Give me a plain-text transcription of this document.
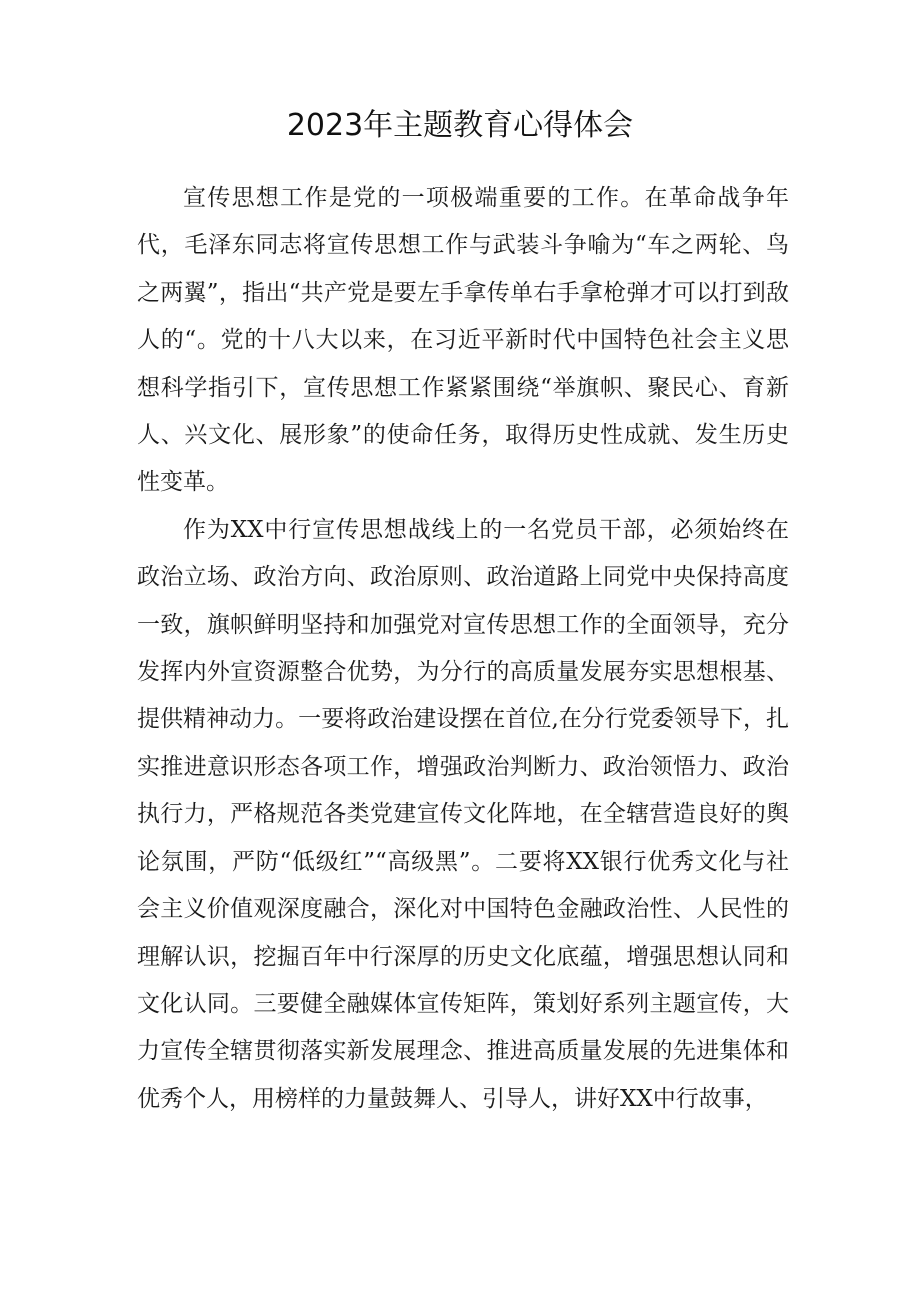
2023年主题教育心得体会

宣传思想工作是党的一项极端重要的工作。在革命战争年代，毛泽东同志将宣传思想工作与武装斗争喻为“车之两轮、鸟之两翼”，指出“共产党是要左手拿传单右手拿枪弹才可以打到敌人的“。党的十八大以来，在习近平新时代中国特色社会主义思想科学指引下，宣传思想工作紧紧围绕“举旗帜、聚民心、育新人、兴文化、展形象”的使命任务，取得历史性成就、发生历史性变革。

作为XX中行宣传思想战线上的一名党员干部，必须始终在政治立场、政治方向、政治原则、政治道路上同党中央保持高度一致，旗帜鲜明坚持和加强党对宣传思想工作的全面领导，充分发挥内外宣资源整合优势，为分行的高质量发展夯实思想根基、提供精神动力。一要将政治建设摆在首位,在分行党委领导下，扎实推进意识形态各项工作，增强政治判断力、政治领悟力、政治执行力，严格规范各类党建宣传文化阵地，在全辖营造良好的舆论氛围，严防“低级红”“高级黑”。二要将XX银行优秀文化与社会主义价值观深度融合，深化对中国特色金融政治性、人民性的理解认识，挖掘百年中行深厚的历史文化底蕴，增强思想认同和文化认同。三要健全融媒体宣传矩阵，策划好系列主题宣传，大力宣传全辖贯彻落实新发展理念、推进高质量发展的先进集体和优秀个人，用榜样的力量鼓舞人、引导人，讲好XX中行故事，
